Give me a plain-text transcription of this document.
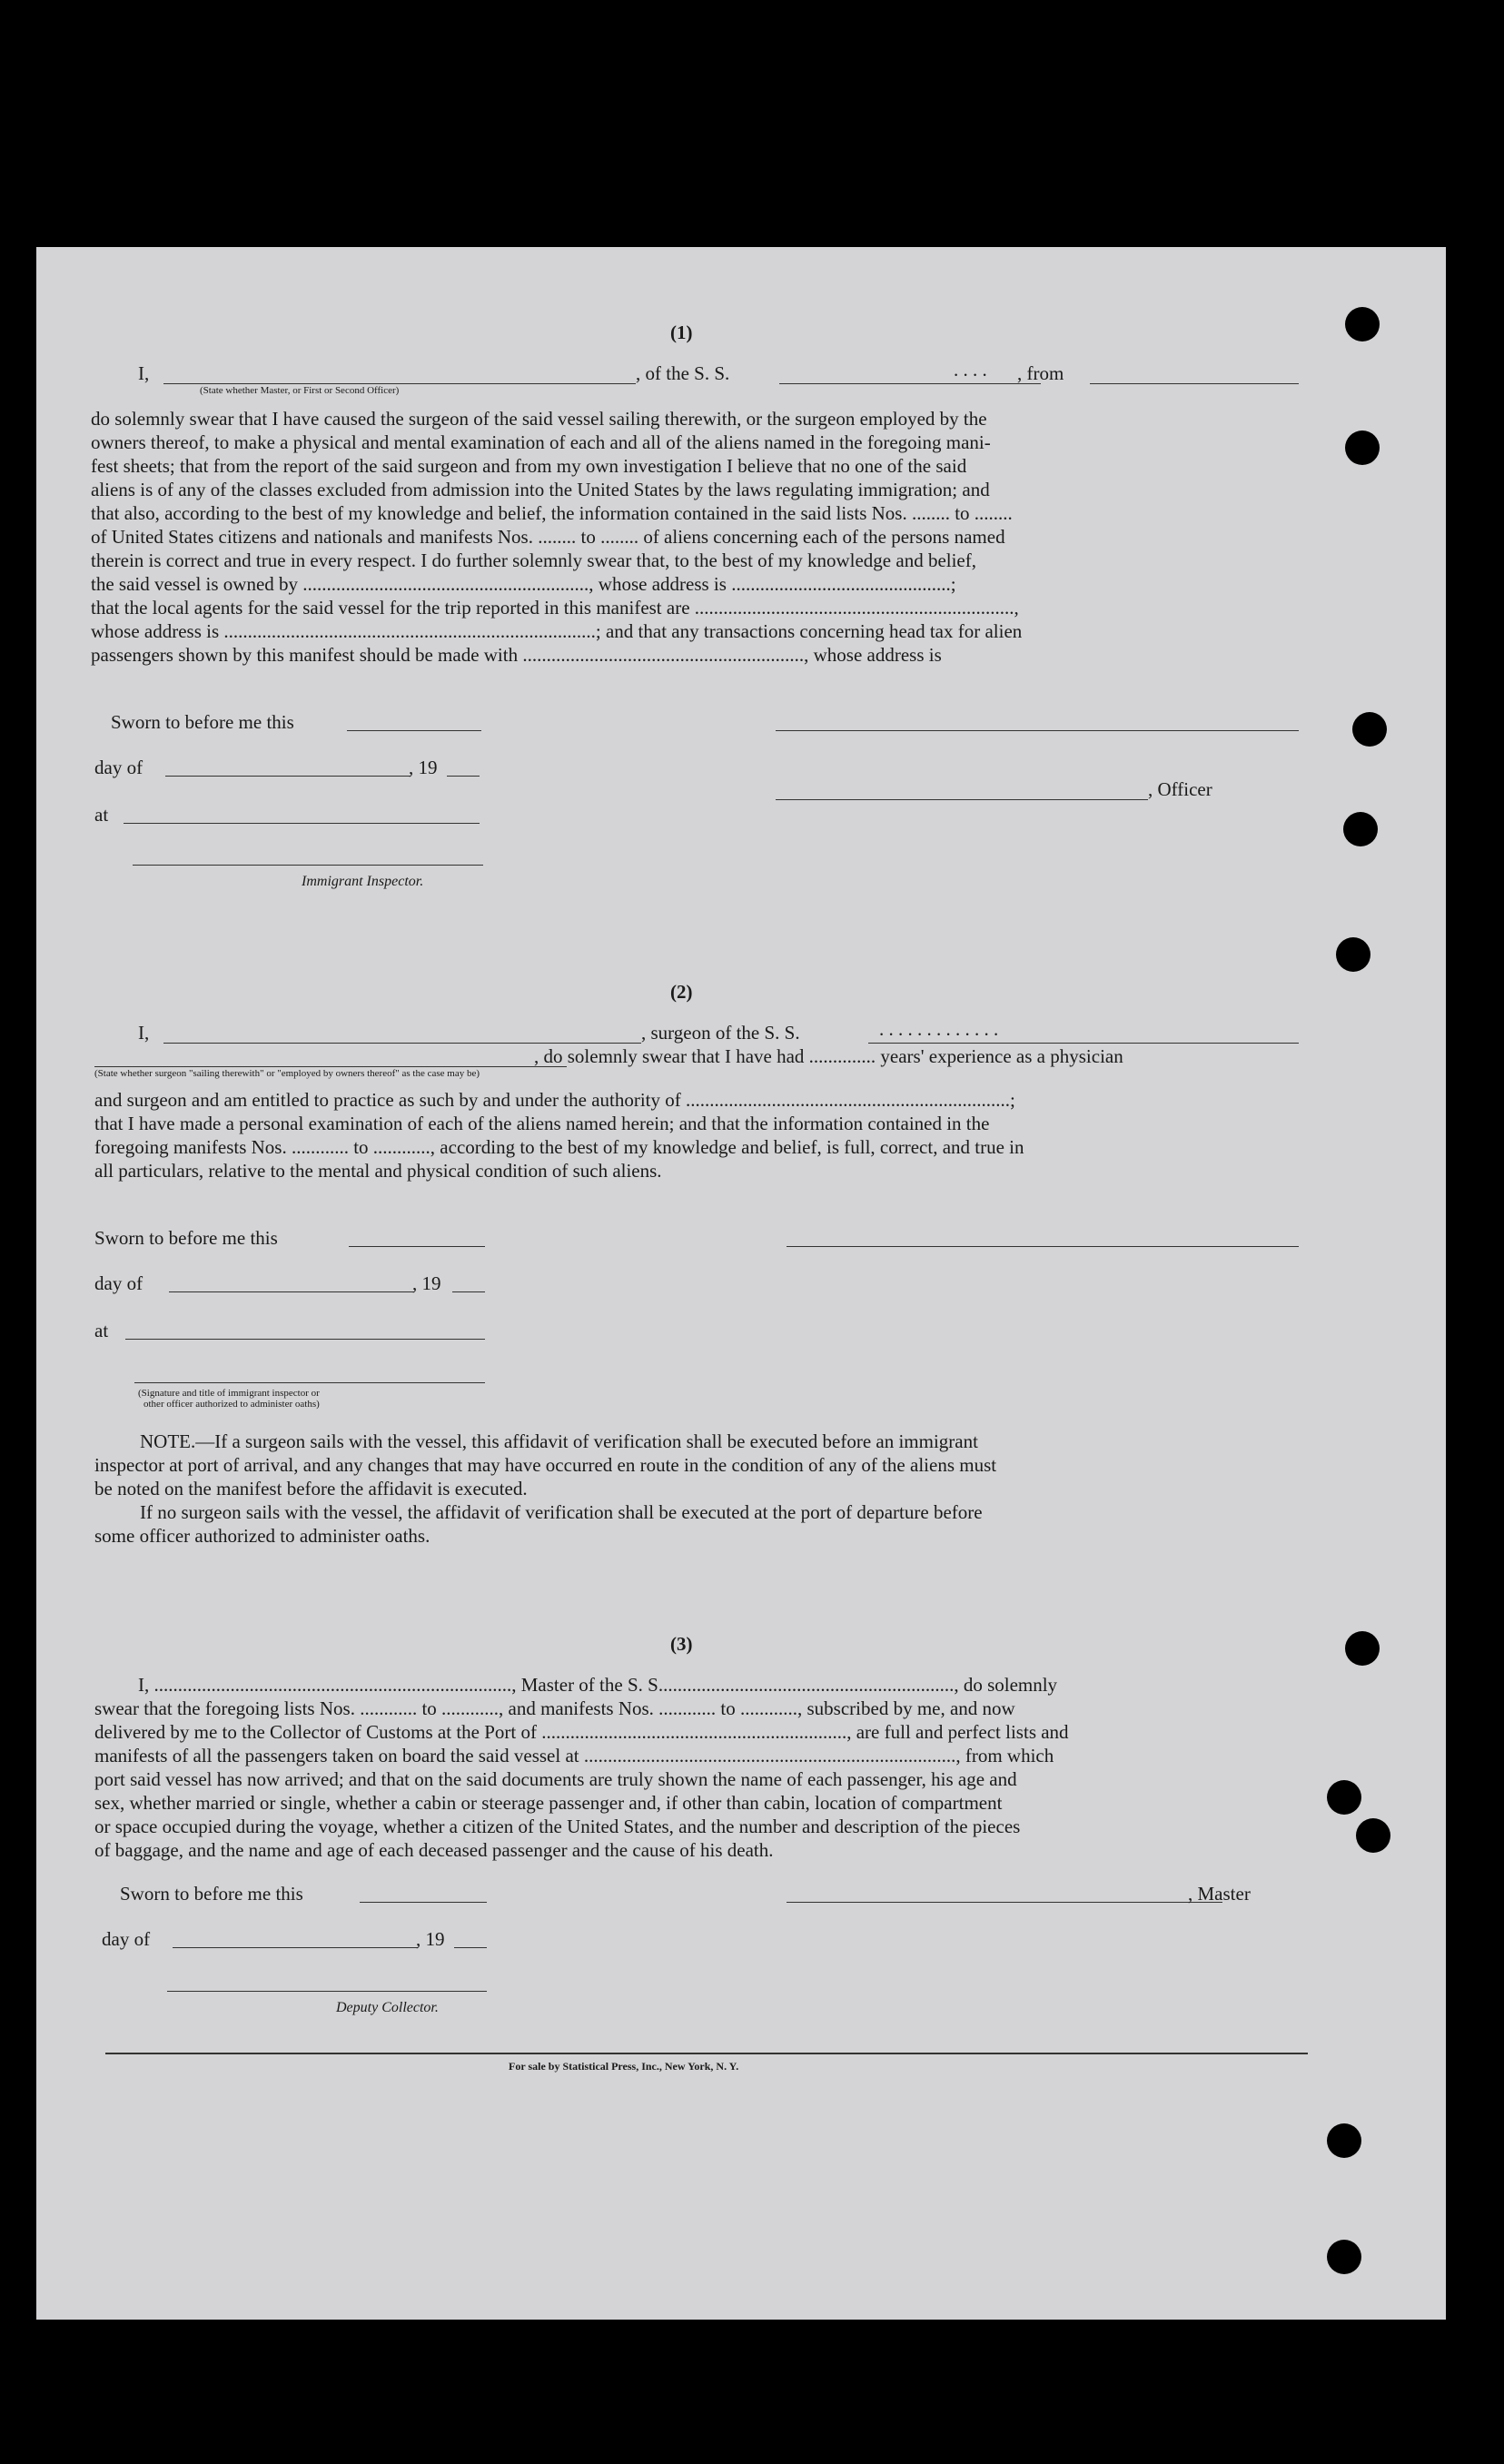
(1)
I,	, of the S. S.	. . . . , from
(State whether Master, or First or Second Officer)
do solemnly swear that I have caused the surgeon of the said vessel sailing therewith, or the surgeon employed by the
owners thereof, to make a physical and mental examination of each and all of the aliens named in the foregoing mani-
fest sheets; that from the report of the said surgeon and from my own investigation I believe that no one of the said
aliens is of any of the classes excluded from admission into the United States by the laws regulating immigration; and
that also, according to the best of my knowledge and belief, the information contained in the said lists Nos. ........ to ........
of United States citizens and nationals and manifests Nos. ........ to ........ of aliens concerning each of the persons named
therein is correct and true in every respect. I do further solemnly swear that, to the best of my knowledge and belief,
the said vessel is owned by ............................................................, whose address is ..............................................;
that the local agents for the said vessel for the trip reported in this manifest are ...................................................................,
whose address is ..............................................................................; and that any transactions concerning head tax for alien
passengers shown by this manifest should be made with ..........................................................., whose address is
Sworn to before me this
day of	, 19
, Officer
at
Immigrant Inspector.
(2)
I,	, surgeon of the S. S.	. . . . . . . . . . . . .
, do solemnly swear that I have had .............. years' experience as a physician
(State whether surgeon "sailing therewith" or "employed by owners thereof" as the case may be)
and surgeon and am entitled to practice as such by and under the authority of ....................................................................;
that I have made a personal examination of each of the aliens named herein; and that the information contained in the
foregoing manifests Nos. ............ to ............, according to the best of my knowledge and belief, is full, correct, and true in
all particulars, relative to the mental and physical condition of such aliens.
Sworn to before me this
day of	, 19
at
(Signature and title of immigrant inspector or
other officer authorized to administer oaths)
NOTE.—If a surgeon sails with the vessel, this affidavit of verification shall be executed before an immigrant
inspector at port of arrival, and any changes that may have occurred en route in the condition of any of the aliens must
be noted on the manifest before the affidavit is executed.
If no surgeon sails with the vessel, the affidavit of verification shall be executed at the port of departure before
some officer authorized to administer oaths.
(3)
I, ..........................................................................., Master of the S. S.............................................................., do solemnly
swear that the foregoing lists Nos. ............ to ............, and manifests Nos. ............ to ............, subscribed by me, and now
delivered by me to the Collector of Customs at the Port of ................................................................, are full and perfect lists and
manifests of all the passengers taken on board the said vessel at .............................................................................., from which
port said vessel has now arrived; and that on the said documents are truly shown the name of each passenger, his age and
sex, whether married or single, whether a cabin or steerage passenger and, if other than cabin, location of compartment
or space occupied during the voyage, whether a citizen of the United States, and the number and description of the pieces
of baggage, and the name and age of each deceased passenger and the cause of his death.
Sworn to before me this	, Master
day of	, 19
Deputy Collector.
For sale by Statistical Press, Inc., New York, N. Y.
